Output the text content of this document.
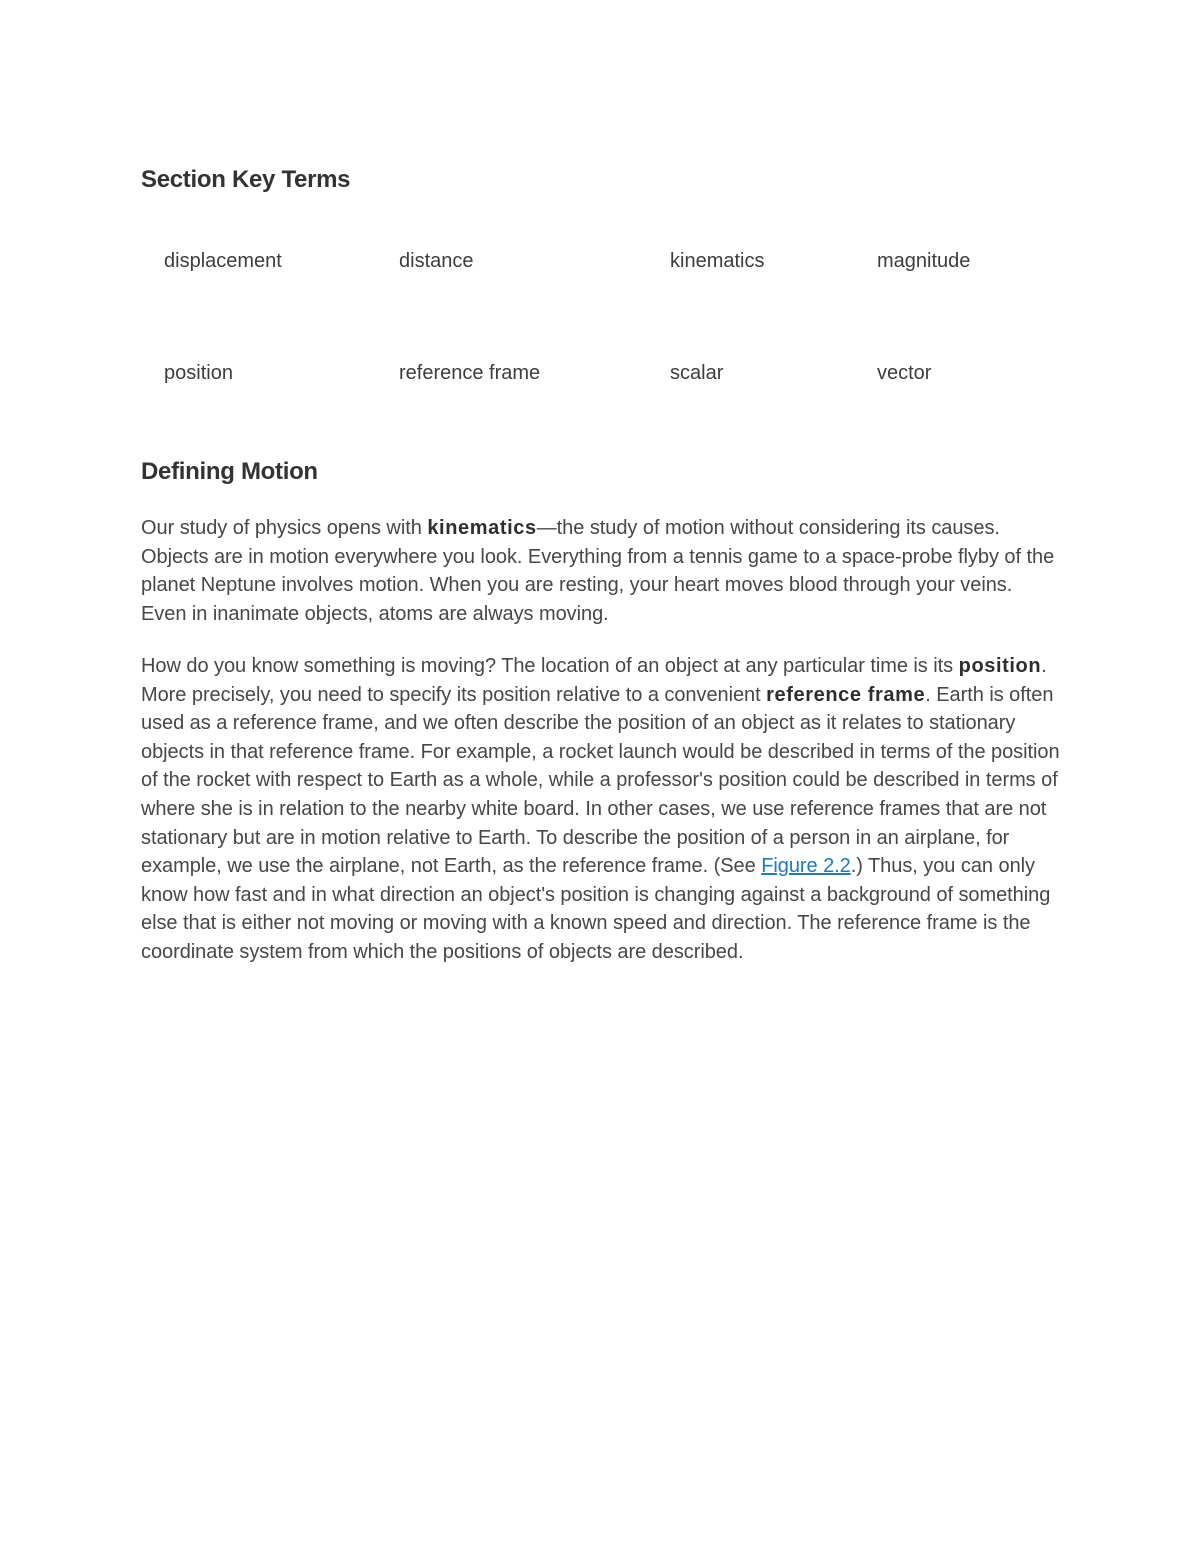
Section Key Terms
displacement	distance	kinematics	magnitude
position	reference frame	scalar	vector
Defining Motion

Our study of physics opens with kinematics—the study of motion without considering its causes. Objects are in motion everywhere you look. Everything from a tennis game to a space-probe flyby of the planet Neptune involves motion. When you are resting, your heart moves blood through your veins. Even in inanimate objects, atoms are always moving.

How do you know something is moving? The location of an object at any particular time is its position. More precisely, you need to specify its position relative to a convenient reference frame. Earth is often used as a reference frame, and we often describe the position of an object as it relates to stationary objects in that reference frame. For example, a rocket launch would be described in terms of the position of the rocket with respect to Earth as a whole, while a professor's position could be described in terms of where she is in relation to the nearby white board. In other cases, we use reference frames that are not stationary but are in motion relative to Earth. To describe the position of a person in an airplane, for example, we use the airplane, not Earth, as the reference frame. (See Figure 2.2.) Thus, you can only know how fast and in what direction an object's position is changing against a background of something else that is either not moving or moving with a known speed and direction. The reference frame is the coordinate system from which the positions of objects are described.
